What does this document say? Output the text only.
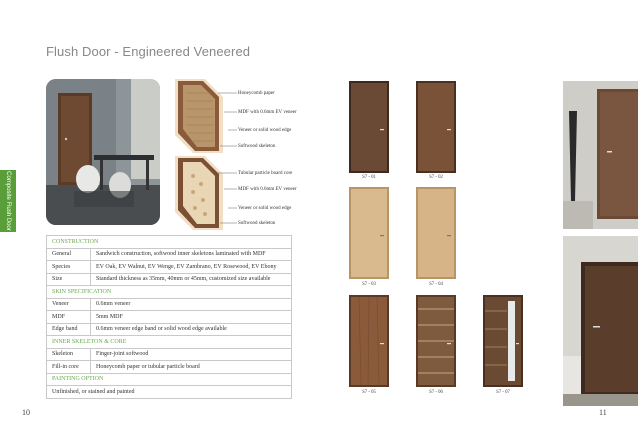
Flush Door - Engineered Veneered
Composite Flush Door
Honeycomb paper
MDF with 0.6mm EV veneer
Veneer or solid wood edge
Softwood skeleton
Tubular particle board core
MDF with 0.6mm EV veneer
Veneer or solid wood edge
Softwood skeleton
CONSTRUCTION	
General	Sandwich construction, softwood inner skeletons laminated with MDF
Species	EV Oak, EV Walnut, EV Wenge, EV Zambrano, EV Rosewood, EV Ebony
Size	Standard thickness as 35mm, 40mm or 45mm, customized size available
SKIN SPECIFICATION	
Veneer	0.6mm veneer
MDF	5mm MDF
Edge band	0.6mm veneer edge band or solid wood edge available
INNER SKELETON & CORE	
Skeleton	Finger-joint softwood
Fill-in core	Honeycomb paper or tubular particle board
PAINTING OPTION	
Unfinished, or stained and painted	
10
S7 - 01	S7 - 02
S7 - 03	S7 - 04
S7 - 05	S7 - 06	S7 - 07
11
